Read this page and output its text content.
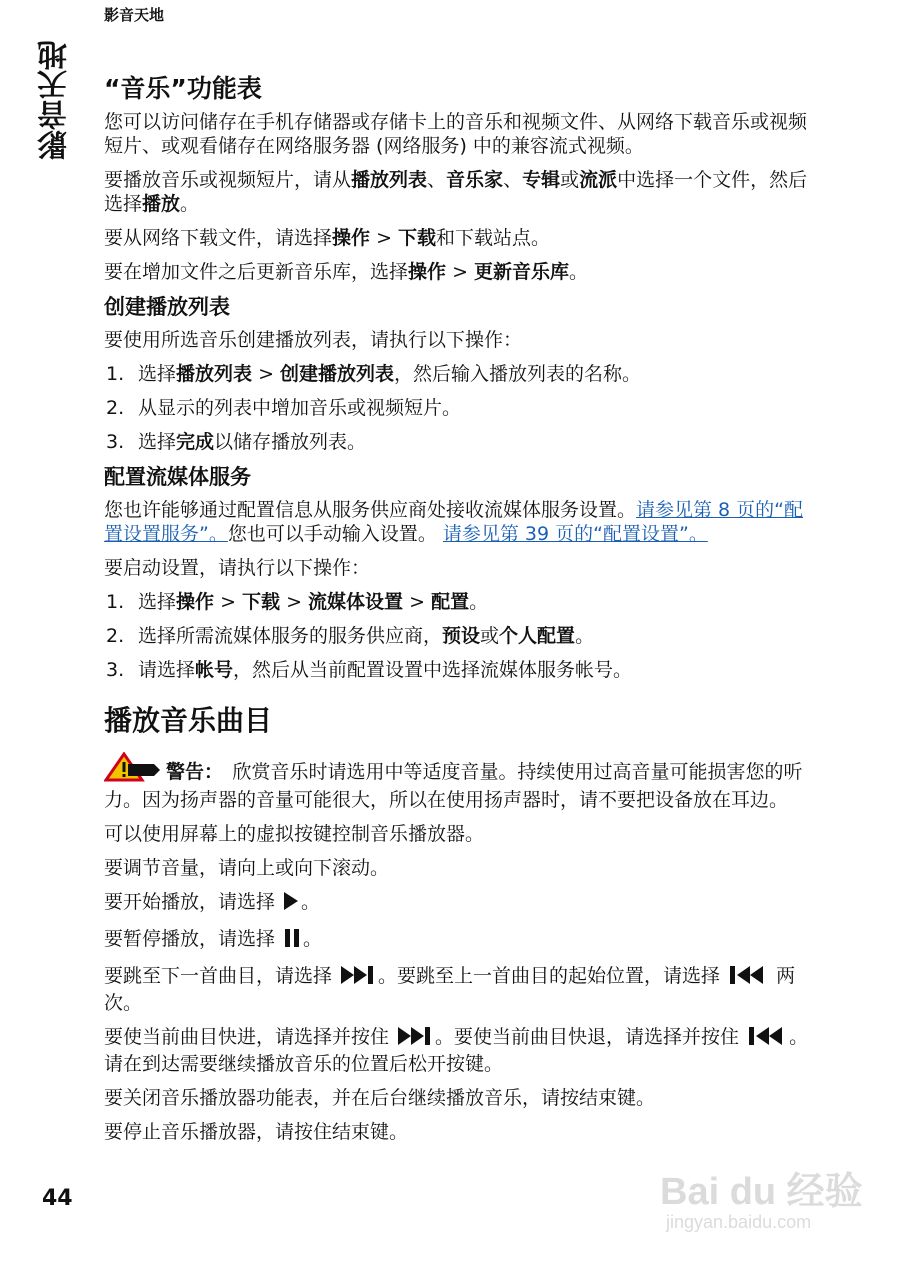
影音天地
影音天地 “音乐”功能表

您可以访问储存在手机存储器或存储卡上的音乐和视频文件、从网络下载音乐或视频短片、或观看储存在网络服务器 (网络服务) 中的兼容流式视频。

要播放音乐或视频短片，请从播放列表、音乐家、专辑或流派中选择一个文件，然后选择播放。

要从网络下载文件，请选择操作 > 下载和下载站点。

要在增加文件之后更新音乐库，选择操作 > 更新音乐库。

创建播放列表

要使用所选音乐创建播放列表，请执行以下操作：

1. 选择播放列表 > 创建播放列表，然后输入播放列表的名称。
2. 从显示的列表中增加音乐或视频短片。
3. 选择完成以储存播放列表。
配置流媒体服务

您也许能够通过配置信息从服务供应商处接收流媒体服务设置。请参见第 8 页的“配置设置服务”。您也可以手动输入设置。 请参见第 39 页的“配置设置”。

要启动设置，请执行以下操作：

1. 选择操作 > 下载 > 流媒体设置 > 配置。
2. 选择所需流媒体服务的服务供应商，预设或个人配置。
3. 请选择帐号，然后从当前配置设置中选择流媒体服务帐号。
播放音乐曲目

警告：　欣赏音乐时请选用中等适度音量。持续使用过高音量可能损害您的听力。因为扬声器的音量可能很大，所以在使用扬声器时，请不要把设备放在耳边。

可以使用屏幕上的虚拟按键控制音乐播放器。

要调节音量，请向上或向下滚动。

要开始播放，请选择 。

要暂停播放，请选择 。

要跳至下一首曲目，请选择 。要跳至上一首曲目的起始位置，请选择  两次。

要使当前曲目快进，请选择并按住 。要使当前曲目快退，请选择并按住 。请在到达需要继续播放音乐的位置后松开按键。

要关闭音乐播放器功能表，并在后台继续播放音乐，请按结束键。

要停止音乐播放器，请按住结束键。

44	Bai du 经验
jingyan.baidu.com
